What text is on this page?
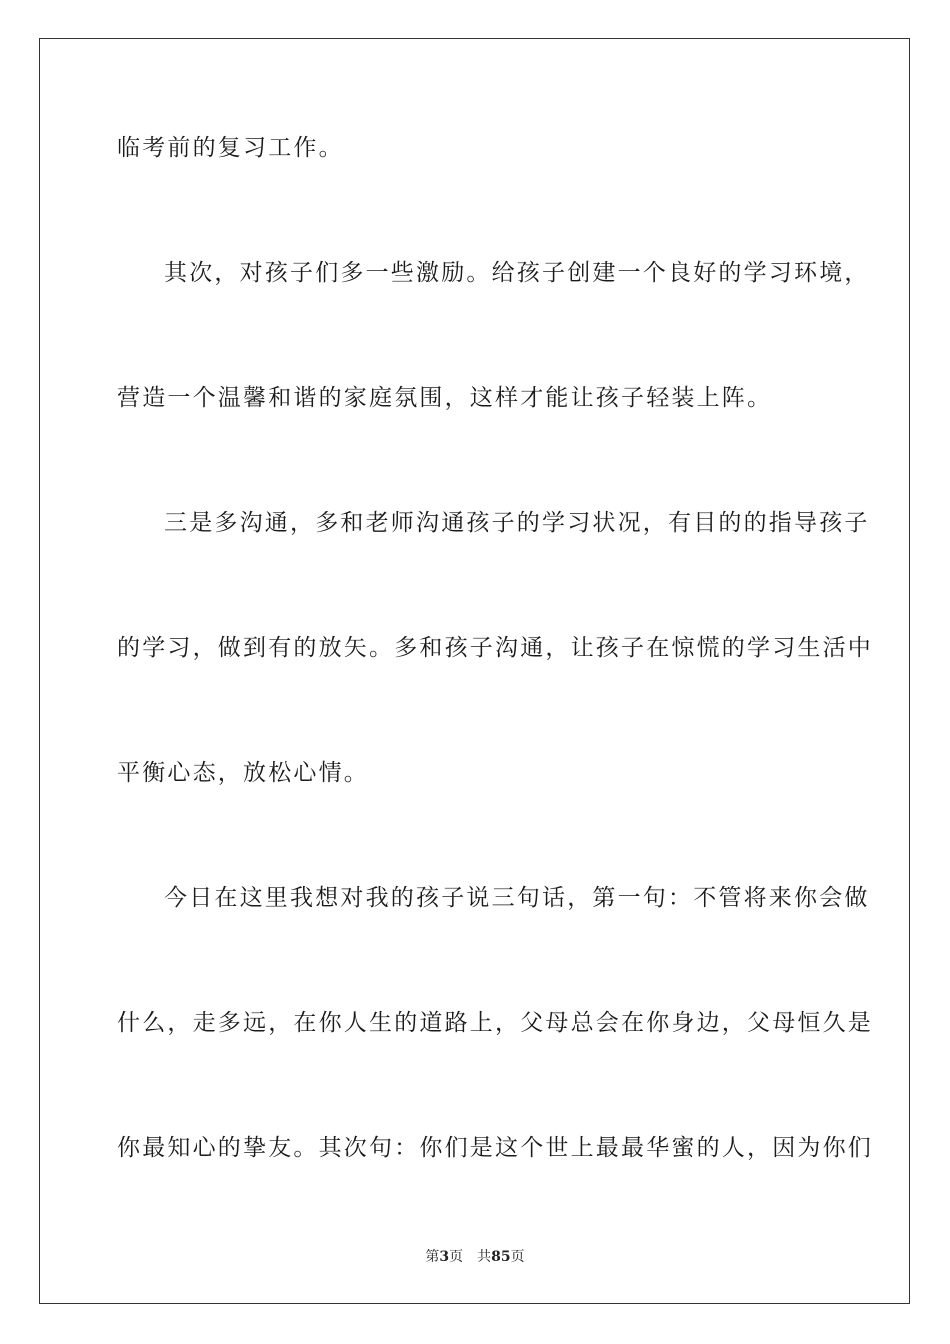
临考前的复习工作。
其次，对孩子们多一些激励。给孩子创建一个良好的学习环境，
营造一个温馨和谐的家庭氛围，这样才能让孩子轻装上阵。
三是多沟通，多和老师沟通孩子的学习状况，有目的的指导孩子
的学习，做到有的放矢。多和孩子沟通，让孩子在惊慌的学习生活中
平衡心态，放松心情。
今日在这里我想对我的孩子说三句话，第一句：不管将来你会做
什么，走多远，在你人生的道路上，父母总会在你身边，父母恒久是
你最知心的挚友。其次句：你们是这个世上最最华蜜的人，因为你们
第3页 共85页
